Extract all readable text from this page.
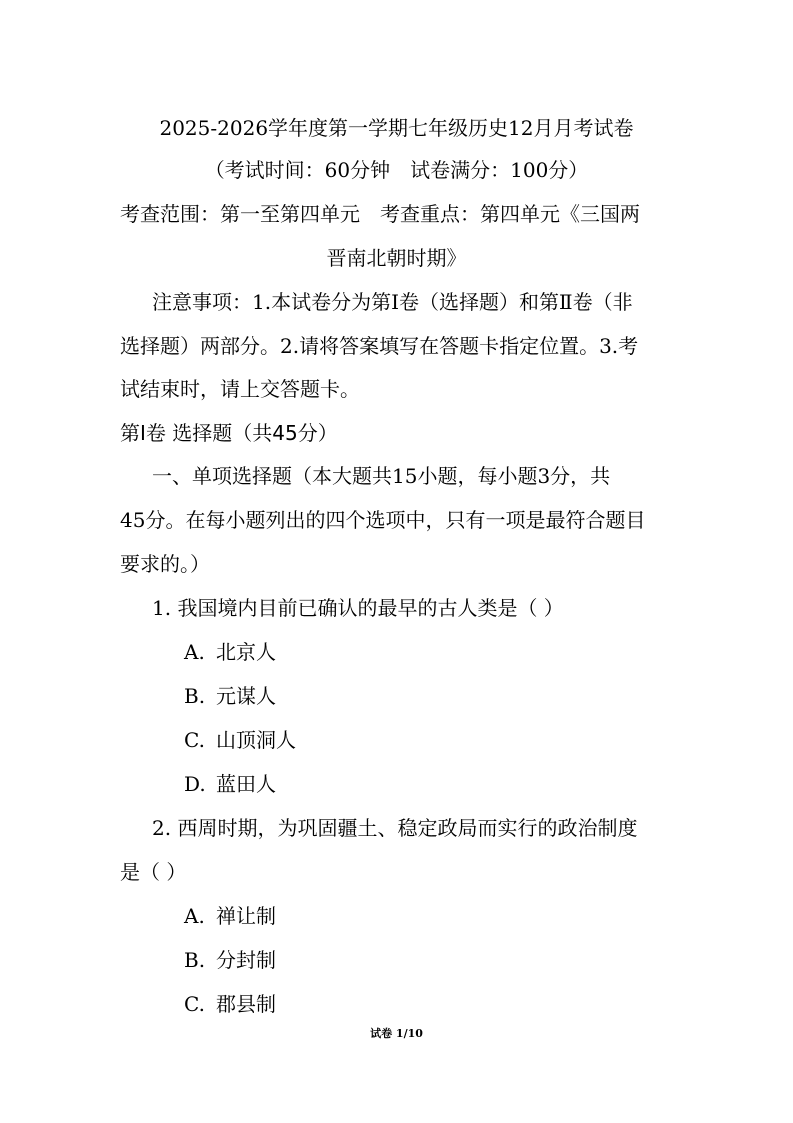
2025-2026学年度第一学期七年级历史12月月考试卷
（考试时间：60分钟　试卷满分：100分）
考查范围：第一至第四单元　考查重点：第四单元《三国两
晋南北朝时期》
注意事项：1.本试卷分为第Ⅰ卷（选择题）和第Ⅱ卷（非
选择题）两部分。2.请将答案填写在答题卡指定位置。3.考
试结束时，请上交答题卡。
第Ⅰ卷 选择题（共45分）
一、单项选择题（本大题共15小题，每小题3分，共
45分。在每小题列出的四个选项中，只有一项是最符合题目
要求的。）
1. 我国境内目前已确认的最早的古人类是（ ）
A. 北京人
B. 元谋人
C. 山顶洞人
D. 蓝田人
2. 西周时期，为巩固疆土、稳定政局而实行的政治制度
是（ ）
A. 禅让制
B. 分封制
C. 郡县制
试卷 1/10
